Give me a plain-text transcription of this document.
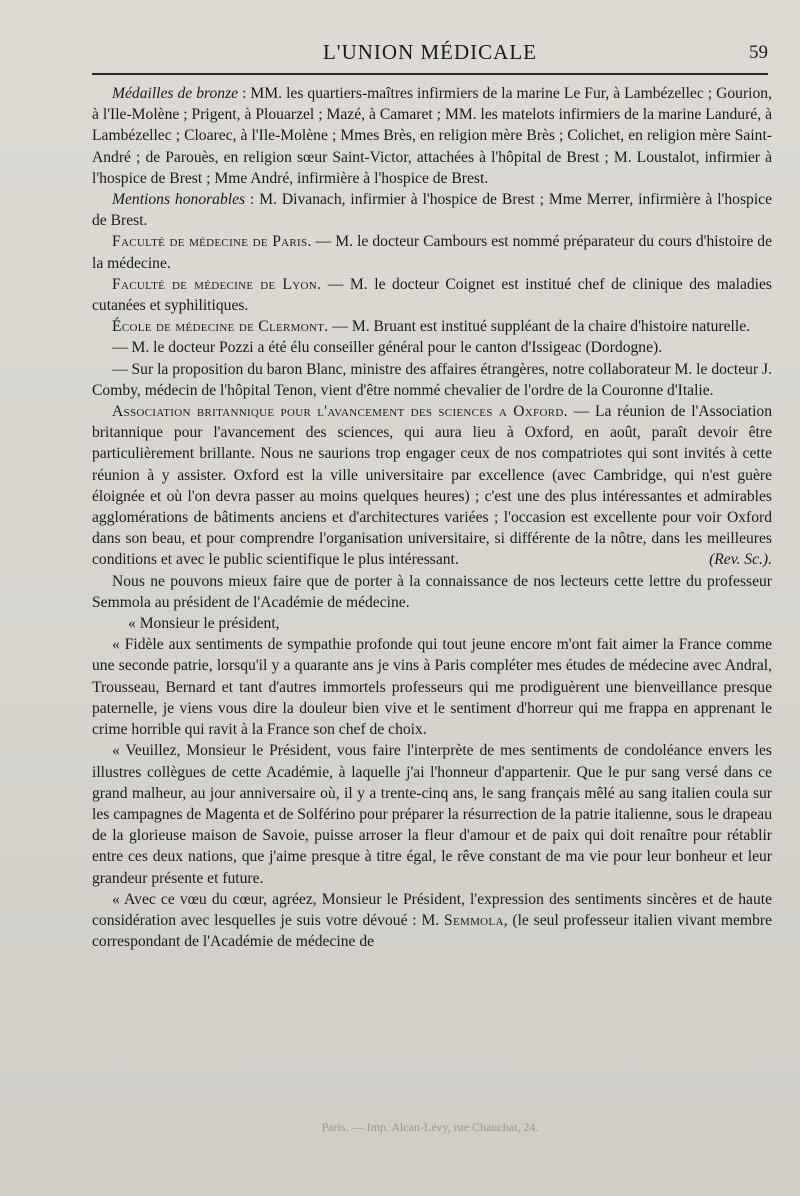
L'UNION MÉDICALE	59

Médailles de bronze : MM. les quartiers-maîtres infirmiers de la marine Le Fur, à Lambézellec ; Gourion, à l'Ile-Molène ; Prigent, à Plouarzel ; Mazé, à Camaret ; MM. les matelots infirmiers de la marine Landuré, à Lambézellec ; Cloarec, à l'Ile-Molène ; Mmes Brès, en religion mère Brès ; Colichet, en religion mère Saint-André ; de Parouès, en religion sœur Saint-Victor, attachées à l'hôpital de Brest ; M. Loustalot, infirmier à l'hospice de Brest ; Mme André, infirmière à l'hospice de Brest.

Mentions honorables : M. Divanach, infirmier à l'hospice de Brest ; Mme Merrer, infirmière à l'hospice de Brest.

Faculté de médecine de Paris. — M. le docteur Cambours est nommé préparateur du cours d'histoire de la médecine.

Faculté de médecine de Lyon. — M. le docteur Coignet est institué chef de clinique des maladies cutanées et syphilitiques.

École de médecine de Clermont. — M. Bruant est institué suppléant de la chaire d'histoire naturelle.

— M. le docteur Pozzi a été élu conseiller général pour le canton d'Issigeac (Dordogne).

— Sur la proposition du baron Blanc, ministre des affaires étrangères, notre collaborateur M. le docteur J. Comby, médecin de l'hôpital Tenon, vient d'être nommé chevalier de l'ordre de la Couronne d'Italie.

Association britannique pour l'avancement des sciences a Oxford. — La réunion de l'Association britannique pour l'avancement des sciences, qui aura lieu à Oxford, en août, paraît devoir être particulièrement brillante. Nous ne saurions trop engager ceux de nos compatriotes qui sont invités à cette réunion à y assister. Oxford est la ville universitaire par excellence (avec Cambridge, qui n'est guère éloignée et où l'on devra passer au moins quelques heures) ; c'est une des plus intéressantes et admirables agglomérations de bâtiments anciens et d'architectures variées ; l'occasion est excellente pour voir Oxford dans son beau, et pour comprendre l'organisation universitaire, si différente de la nôtre, dans les meilleures conditions et avec le public scientifique le plus intéressant.	(Rev. Sc.).

Nous ne pouvons mieux faire que de porter à la connaissance de nos lecteurs cette lettre du professeur Semmola au président de l'Académie de médecine.

« Monsieur le président,

« Fidèle aux sentiments de sympathie profonde qui tout jeune encore m'ont fait aimer la France comme une seconde patrie, lorsqu'il y a quarante ans je vins à Paris compléter mes études de médecine avec Andral, Trousseau, Bernard et tant d'autres immortels professeurs qui me prodiguèrent une bienveillance presque paternelle, je viens vous dire la douleur bien vive et le sentiment d'horreur qui me frappa en apprenant le crime horrible qui ravit à la France son chef de choix.

« Veuillez, Monsieur le Président, vous faire l'interprète de mes sentiments de condoléance envers les illustres collègues de cette Académie, à laquelle j'ai l'honneur d'appartenir. Que le pur sang versé dans ce grand malheur, au jour anniversaire où, il y a trente-cinq ans, le sang français mêlé au sang italien coula sur les campagnes de Magenta et de Solférino pour préparer la résurrection de la patrie italienne, sous le drapeau de la glorieuse maison de Savoie, puisse arroser la fleur d'amour et de paix qui doit renaître pour rétablir entre ces deux nations, que j'aime presque à titre égal, le rêve constant de ma vie pour leur bonheur et leur grandeur présente et future.

« Avec ce vœu du cœur, agréez, Monsieur le Président, l'expression des sentiments sincères et de haute considération avec lesquelles je suis votre dévoué : M. Semmola, (le seul professeur italien vivant membre correspondant de l'Académie de médecine de

Paris. — Imp. Alcan-Lévy, rue Chauchat, 24.
